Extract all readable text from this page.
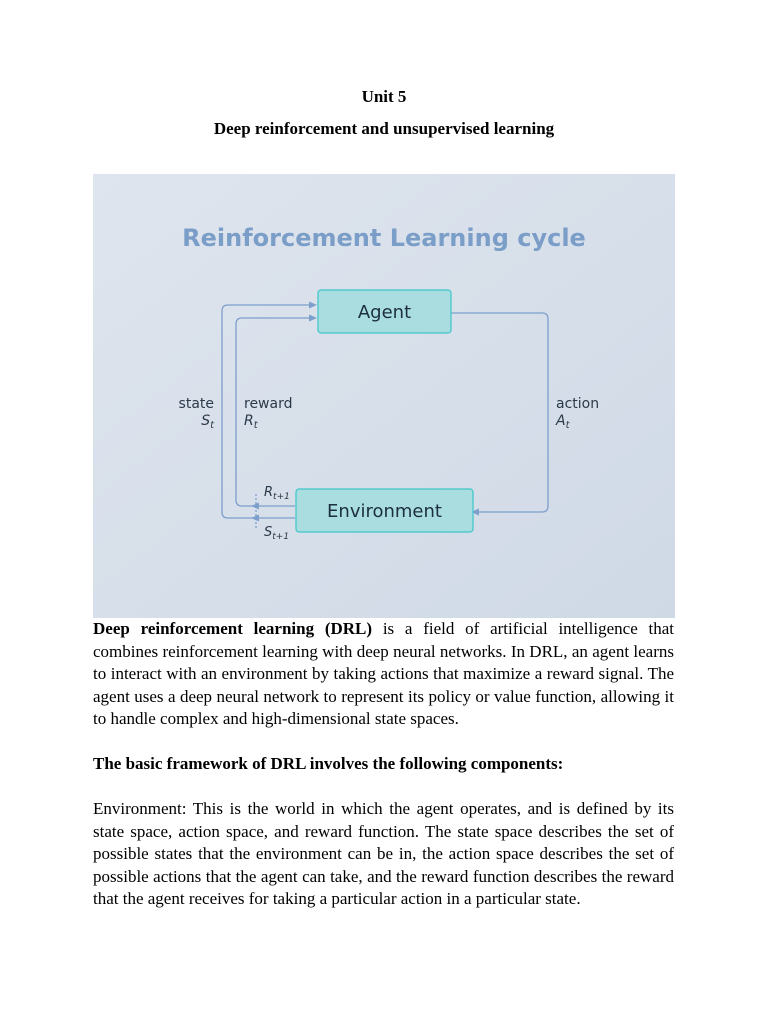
Unit 5
Deep reinforcement and unsupervised learning
Reinforcement Learning cycle
Agent
Environment
state
$S_t$
reward
$R_t$
action
$A_t$
$R_{t+1}$
$S_{t+1}$

Deep reinforcement learning (DRL) is a field of artificial intelligence that combines reinforcement learning with deep neural networks. In DRL, an agent learns to interact with an environment by taking actions that maximize a reward signal. The agent uses a deep neural network to represent its policy or value function, allowing it to handle complex and high-dimensional state spaces.

The basic framework of DRL involves the following components:

Environment: This is the world in which the agent operates, and is defined by its state space, action space, and reward function. The state space describes the set of possible states that the environment can be in, the action space describes the set of possible actions that the agent can take, and the reward function describes the reward that the agent receives for taking a particular action in a particular state.
